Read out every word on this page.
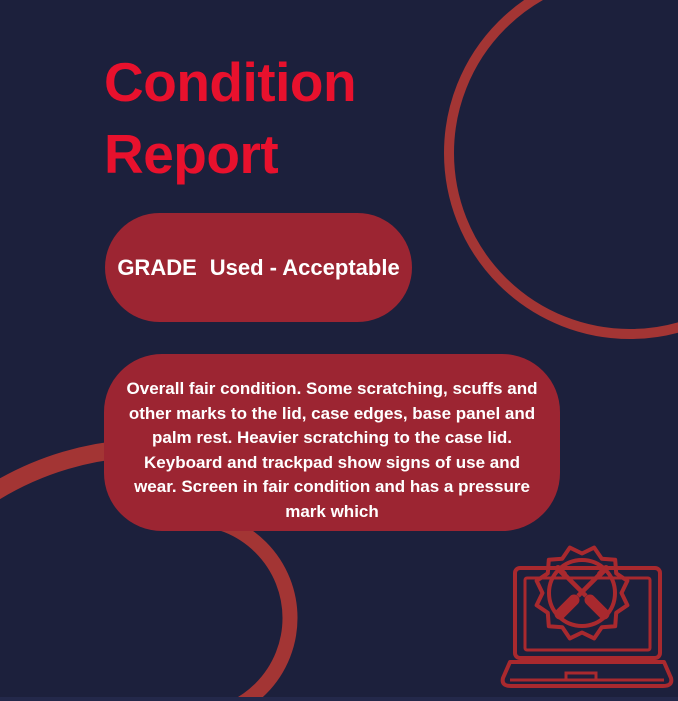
Condition
Report
GRADE Used - Acceptable
Overall fair condition. Some scratching, scuffs and
other marks to the lid, case edges, base panel and
palm rest. Heavier scratching to the case lid.
Keyboard and trackpad show signs of use and
wear. Screen in fair condition and has a pressure
mark which
